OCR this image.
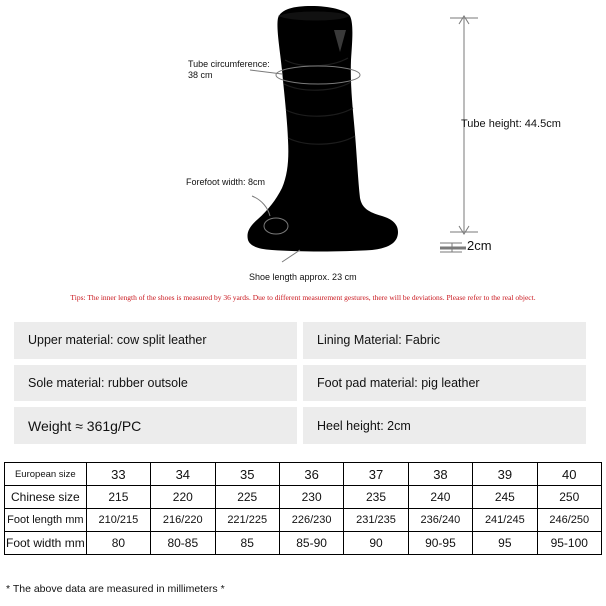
Tube circumference: 38 cm
Tube height: 44.5cm
Forefoot width: 8cm
2cm
Shoe length approx. 23 cm
Tips: The inner length of the shoes is measured by 36 yards. Due to different measurement gestures, there will be deviations. Please refer to the real object.
Upper material: cow split leather	Lining Material: Fabric
Sole material: rubber outsole	Foot pad material: pig leather
Weight ≈ 361g/PC	Heel height: 2cm
European size	33	34	35	36	37	38	39	40
Chinese size	215	220	225	230	235	240	245	250
Foot length mm	210/215	216/220	221/225	226/230	231/235	236/240	241/245	246/250
Foot width mm	80	80-85	85	85-90	90	90-95	95	95-100
* The above data are measured in millimeters *
